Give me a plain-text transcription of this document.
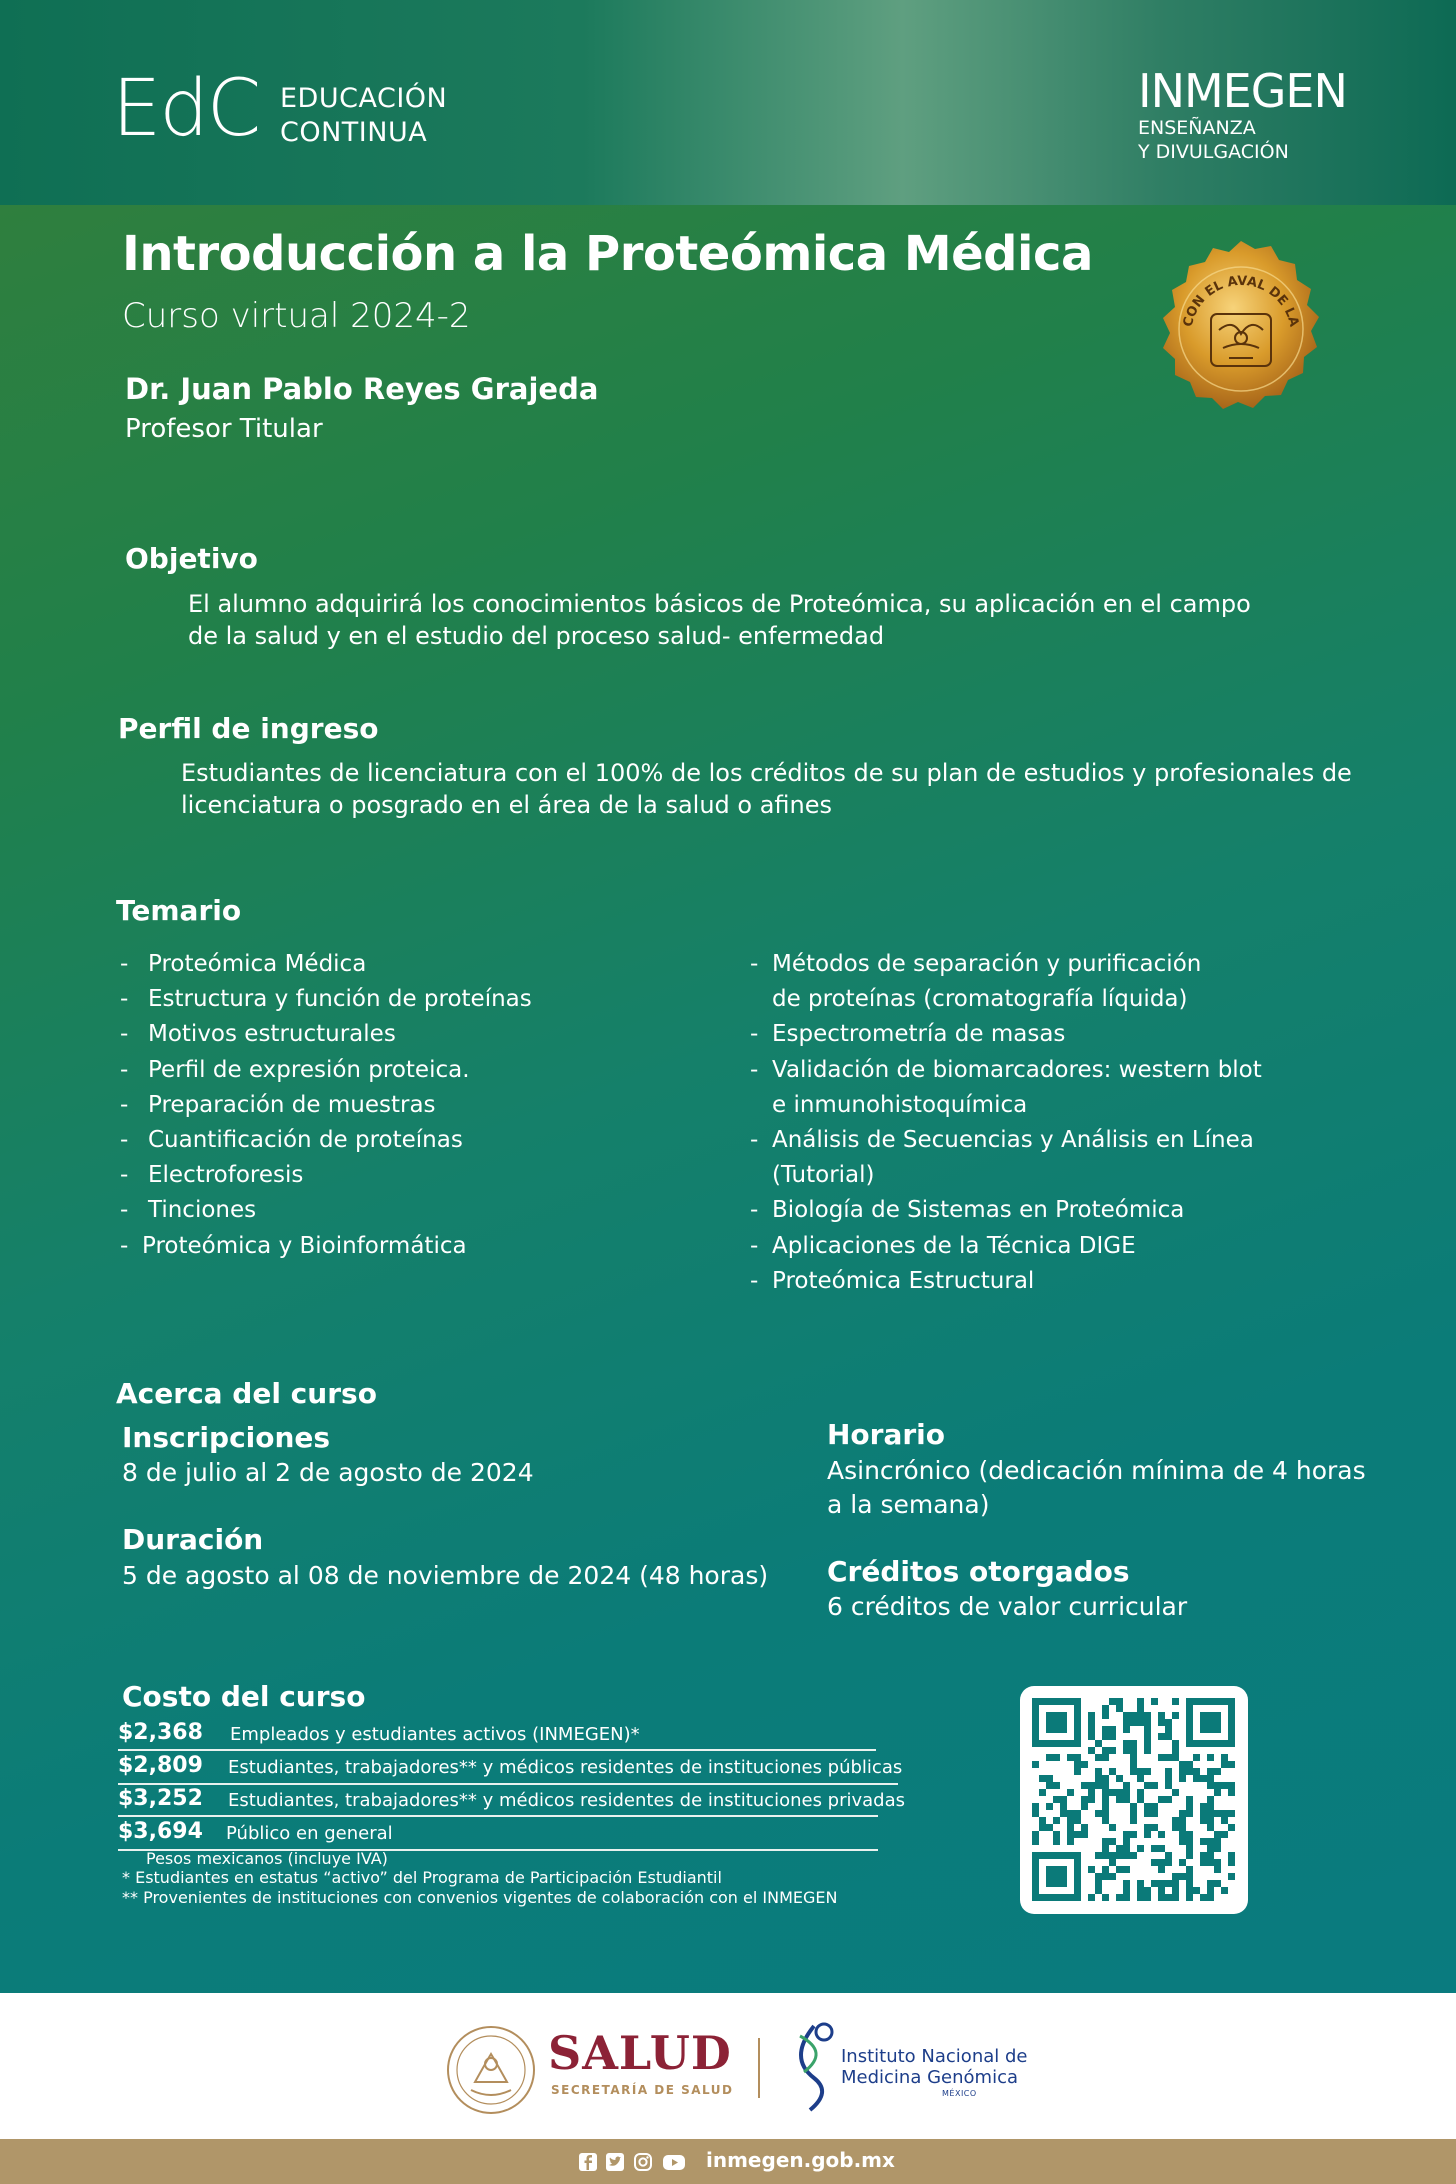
EdC EDUCACIÓN
CONTINUA
INMEGEN
ENSEÑANZA
Y DIVULGACIÓN
Introducción a la Proteómica Médica
Curso virtual 2024-2
Dr. Juan Pablo Reyes Grajeda
Profesor Titular
CON EL AVAL DE LA
Objetivo
El alumno adquirirá los conocimientos básicos de Proteómica, su aplicación en el campo
de la salud y en el estudio del proceso salud- enfermedad
Perfil de ingreso
Estudiantes de licenciatura con el 100% de los créditos de su plan de estudios y profesionales de
licenciatura o posgrado en el área de la salud o afines
Temario
- Proteómica Médica
- Estructura y función de proteínas
- Motivos estructurales
- Perfil de expresión proteica.
- Preparación de muestras
- Cuantificación de proteínas
- Electroforesis
- Tinciones
- Proteómica y Bioinformática
- Métodos de separación y purificación
de proteínas (cromatografía líquida)
- Espectrometría de masas
- Validación de biomarcadores: western blot
e inmunohistoquímica
- Análisis de Secuencias y Análisis en Línea
(Tutorial)
- Biología de Sistemas en Proteómica
- Aplicaciones de la Técnica DIGE
- Proteómica Estructural
Acerca del curso
Inscripciones
8 de julio al 2 de agosto de 2024
Duración
5 de agosto al 08 de noviembre de 2024 (48 horas)
Horario
Asincrónico (dedicación mínima de 4 horas
a la semana)
Créditos otorgados
6 créditos de valor curricular
Costo del curso
$2,368 Empleados y estudiantes activos (INMEGEN)*
$2,809 Estudiantes, trabajadores** y médicos residentes de instituciones públicas
$3,252 Estudiantes, trabajadores** y médicos residentes de instituciones privadas
$3,694 Público en general
Pesos mexicanos (incluye IVA)
* Estudiantes en estatus “activo” del Programa de Participación Estudiantil
** Provenientes de instituciones con convenios vigentes de colaboración con el INMEGEN
SALUD
SECRETARÍA DE SALUD
Instituto Nacional de
Medicina Genómica
MÉXICO
inmegen.gob.mx
